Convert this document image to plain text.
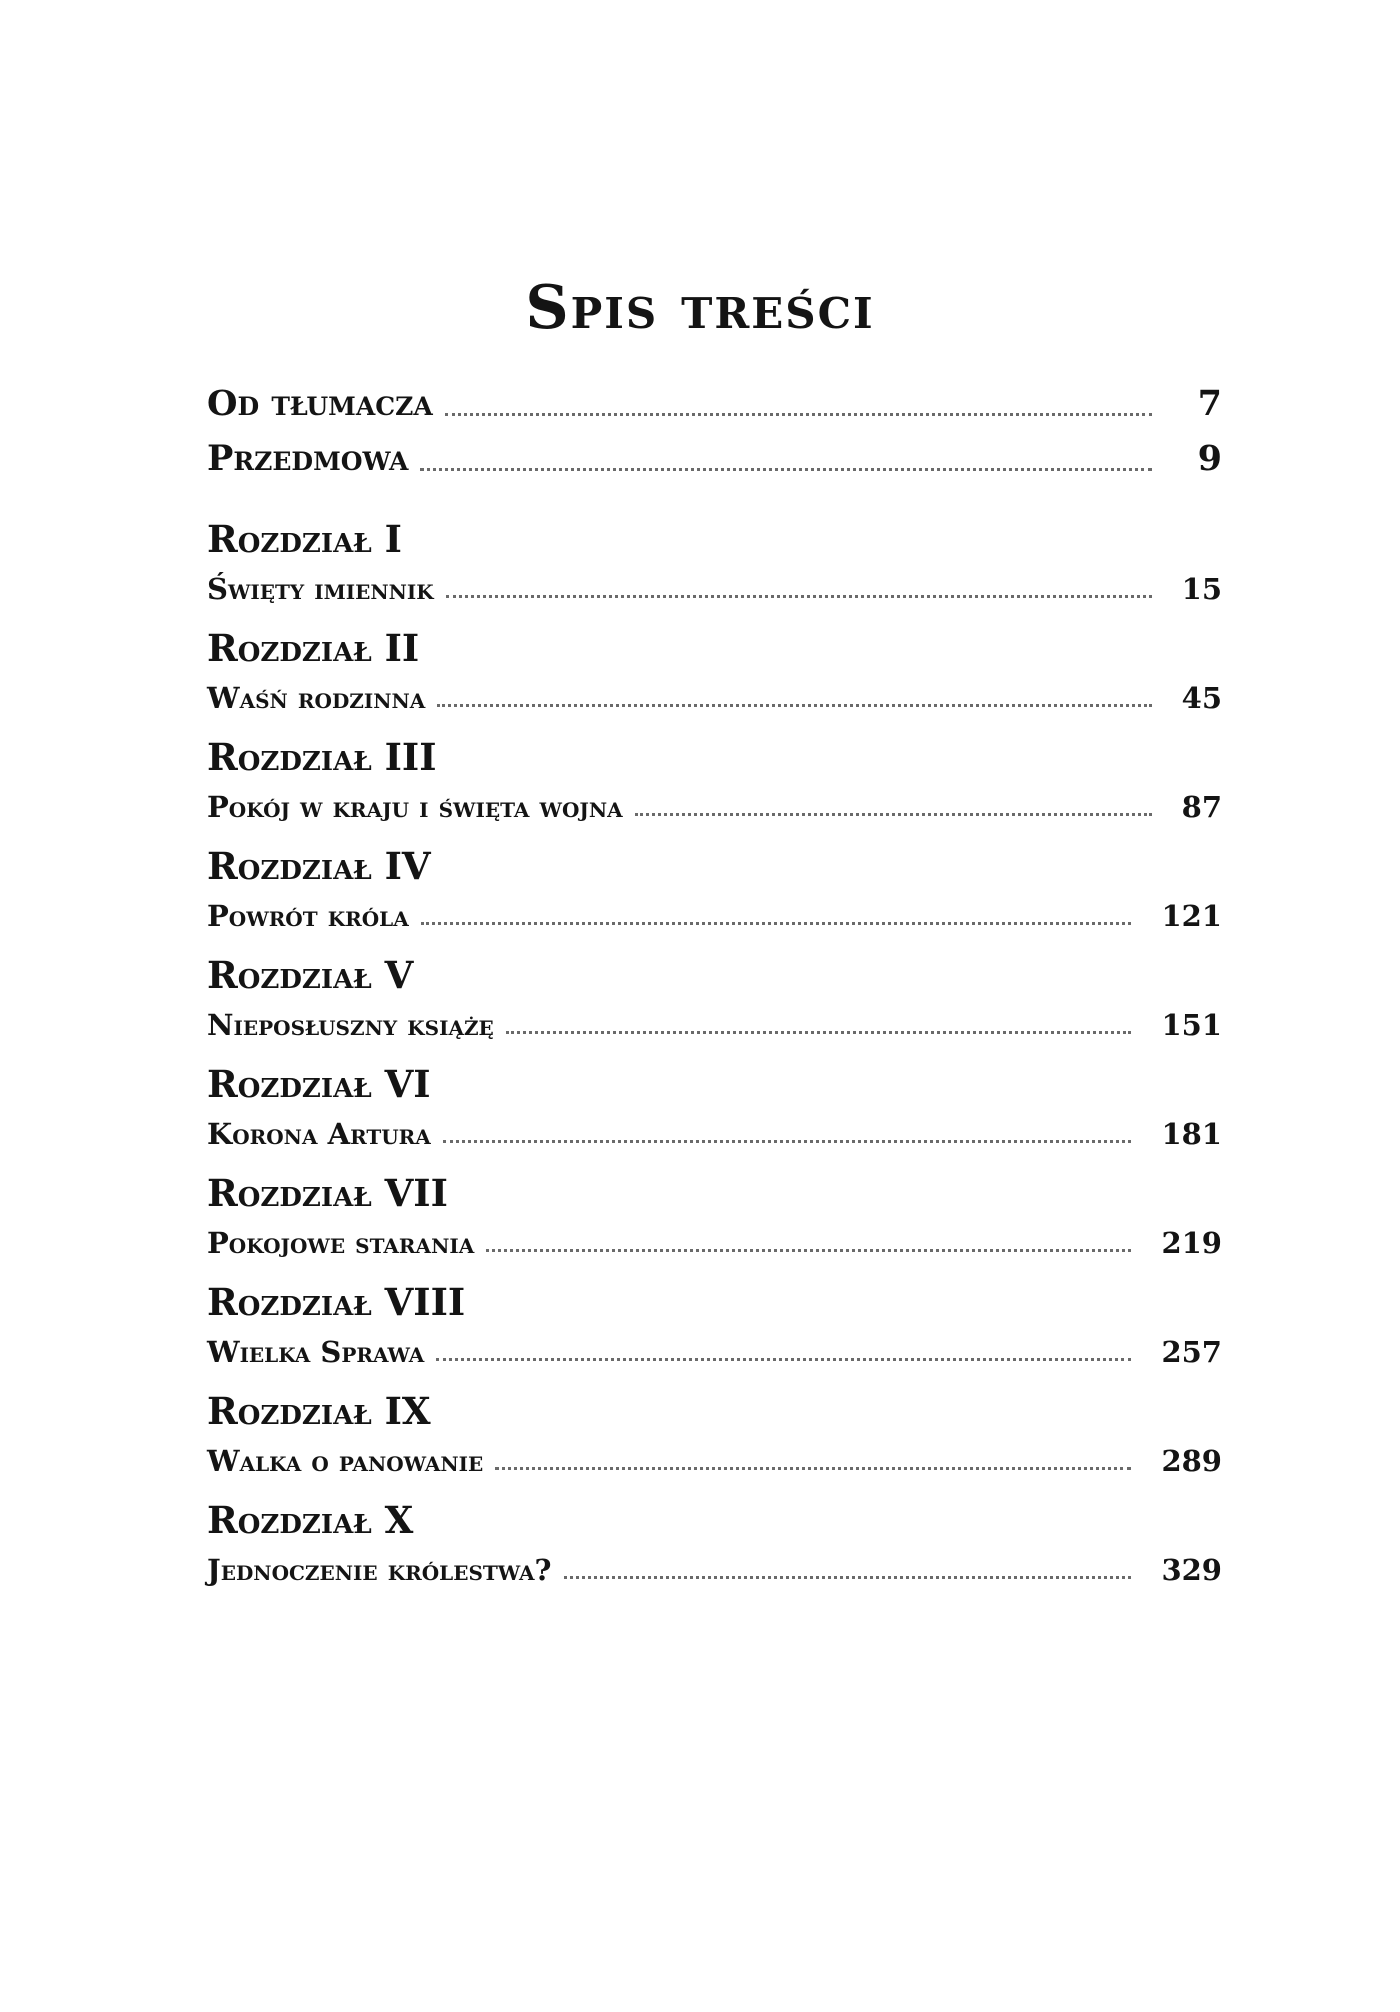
Spis treści
Od tłumacza	7
Przedmowa	9
Rozdział I
Święty imiennik	15
Rozdział II
Waśń rodzinna	45
Rozdział III
Pokój w kraju i święta wojna	87
Rozdział IV
Powrót króla	121
Rozdział V
Nieposłuszny książę	151
Rozdział VI
Korona Artura	181
Rozdział VII
Pokojowe starania	219
Rozdział VIII
Wielka Sprawa	257
Rozdział IX
Walka o panowanie	289
Rozdział X
Jednoczenie królestwa?	329
